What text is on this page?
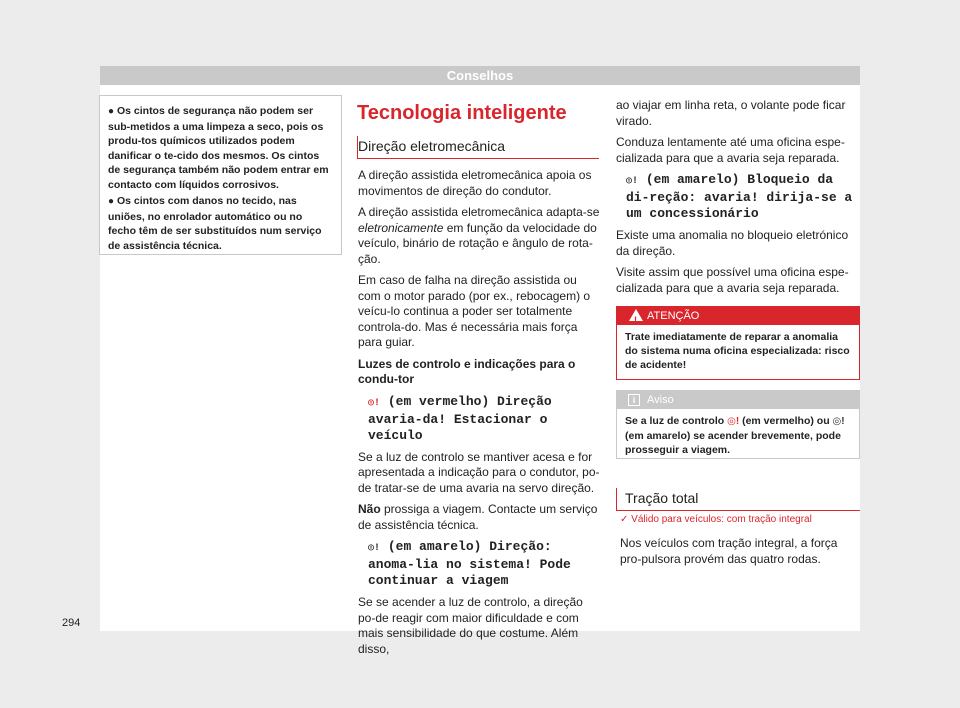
Conselhos
● Os cintos de segurança não podem ser sub-metidos a uma limpeza a seco, pois os produ-tos químicos utilizados podem danificar o te-cido dos mesmos. Os cintos de segurança também não podem entrar em contacto com líquidos corrosivos.
● Os cintos com danos no tecido, nas uniões, no enrolador automático ou no fecho têm de ser substituídos num serviço de assistência técnica.
Tecnologia inteligente
Direção eletromecânica

A direção assistida eletromecânica apoia os movimentos de direção do condutor.

A direção assistida eletromecânica adapta-se eletronicamente em função da velocidade do veículo, binário de rotação e ângulo de rota-ção.

Em caso de falha na direção assistida ou com o motor parado (por ex., rebocagem) o veícu-lo continua a poder ser totalmente controla-do. Mas é necessária mais força para guiar.

Luzes de controlo e indicações para o condu-tor

◎! (em vermelho) Direção avaria-da! Estacionar o veículo

Se a luz de controlo se mantiver acesa e for apresentada a indicação para o condutor, po-de tratar-se de uma avaria na servo direção.

Não prossiga a viagem. Contacte um serviço de assistência técnica.

◎! (em amarelo) Direção: anoma-lia no sistema! Pode continuar a viagem

Se se acender a luz de controlo, a direção po-de reagir com maior dificuldade e com mais sensibilidade do que costume. Além disso,

ao viajar em linha reta, o volante pode ficar virado.

Conduza lentamente até uma oficina espe-cializada para que a avaria seja reparada.

◎! (em amarelo) Bloqueio da di-reção: avaria! dirija-se a um concessionário

Existe uma anomalia no bloqueio eletrónico da direção.

Visite assim que possível uma oficina espe-cializada para que a avaria seja reparada.

! ATENÇÃO
Trate imediatamente de reparar a anomalia do sistema numa oficina especializada: risco de acidente!
i	Aviso
Se a luz de controlo ◎! (em vermelho) ou ◎! (em amarelo) se acender brevemente, pode prosseguir a viagem.
Tração total
✓ Válido para veículos: com tração integral
Nos veículos com tração integral, a força pro-pulsora provém das quatro rodas.
294
